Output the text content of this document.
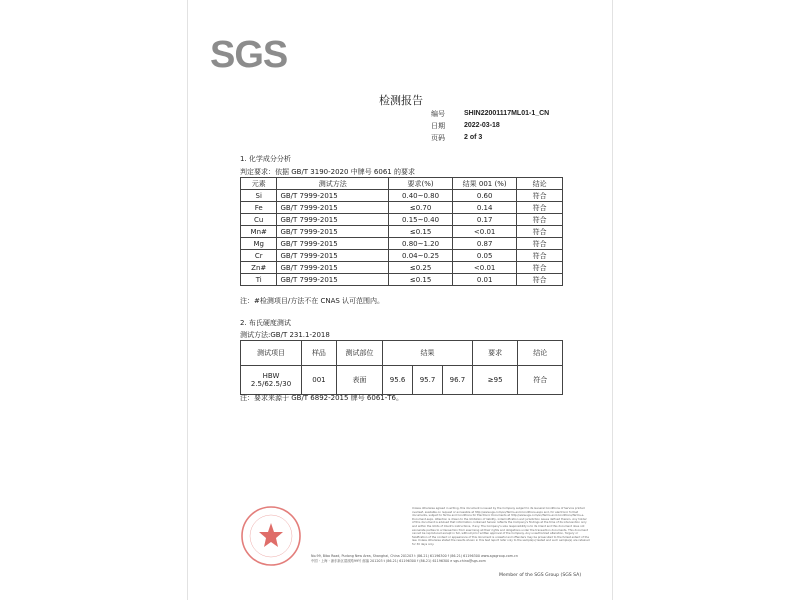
SGS
检测报告
编号	SHIN22001117ML01-1_CN
日期	2022-03-18
页码	2 of 3
1. 化学成分分析
判定要求：依据 GB/T 3190-2020 中牌号 6061 的要求
元素	测试方法	要求(%)	结果 001 (%)	结论
Si	GB/T 7999-2015	0.40~0.80	0.60	符合
Fe	GB/T 7999-2015	≤0.70	0.14	符合
Cu	GB/T 7999-2015	0.15~0.40	0.17	符合
Mn#	GB/T 7999-2015	≤0.15	<0.01	符合
Mg	GB/T 7999-2015	0.80~1.20	0.87	符合
Cr	GB/T 7999-2015	0.04~0.25	0.05	符合
Zn#	GB/T 7999-2015	≤0.25	<0.01	符合
Ti	GB/T 7999-2015	≤0.15	0.01	符合
注：#检测项目/方法不在 CNAS 认可范围内。
2. 布氏硬度测试
测试方法:GB/T 231.1-2018
测试项目	样品	测试部位	结果			要求	结论
HBW 2.5/62.5/30	001	表面	95.6	95.7	96.7	≥95	符合
注：要求来源于 GB/T 6892-2015 牌号 6061-T6。
Unless otherwise agreed in writing, this document is issued by the Company subject to its General Conditions of Service printed overleaf, available on request or accessible at http://www.sgs.com/en/Terms-and-Conditions.aspx and, for electronic format documents, subject to Terms and Conditions for Electronic Documents at http://www.sgs.com/en/Terms-and-Conditions/Terms-e-Document.aspx. Attention is drawn to the limitation of liability, indemnification and jurisdiction issues defined therein. Any holder of this document is advised that information contained hereon reflects the Company's findings at the time of its intervention only and within the limits of Client's instructions, if any. The Company's sole responsibility is to its Client and this document does not exonerate parties to a transaction from exercising all their rights and obligations under the transaction documents. This document cannot be reproduced except in full, without prior written approval of the Company. Any unauthorized alteration, forgery or falsification of the content or appearance of this document is unlawful and offenders may be prosecuted to the fullest extent of the law. Unless otherwise stated the results shown in this test report refer only to the sample(s) tested and such sample(s) are retained for 30 days only.
No.99, Bibo Road, Pudong New Area, Shanghai, China 201203 t (86-21) 61196300 f (86-21) 61196300 www.sgsgroup.com.cn
中国・上海・浦东新区碧波路99号 邮编 201203 t (86-21) 61196300 f (86-21) 61196300 e sgs.china@sgs.com
Member of the SGS Group (SGS SA)
